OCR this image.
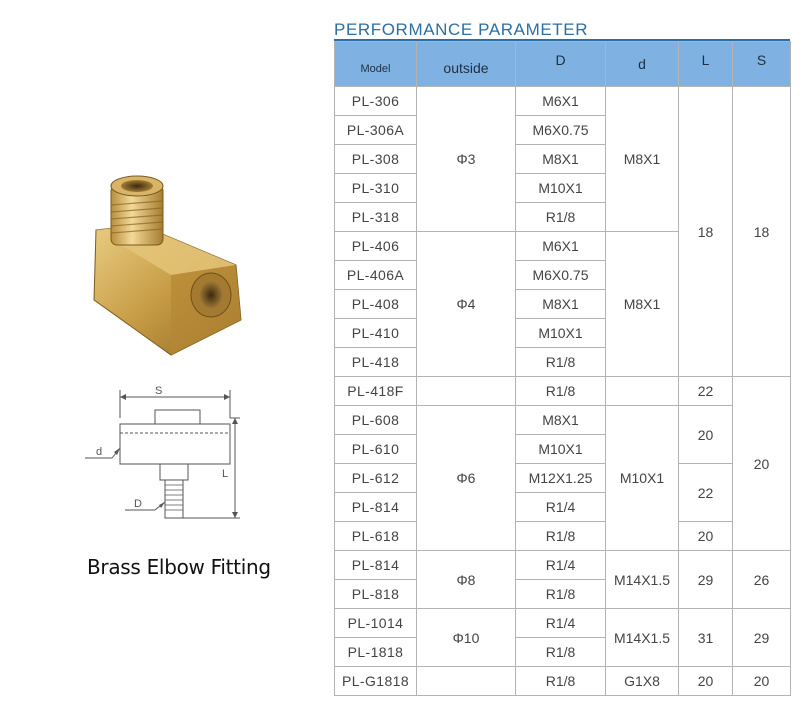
S
d
D
L
Brass Elbow Fitting
PERFORMANCE PARAMETER
Model	outside	D	d	L	S
PL-306	Φ3	M6X1	M8X1	18	18
PL-306A		M6X0.75			
PL-308		M8X1			
PL-310		M10X1			
PL-318		R1/8			
PL-406	Φ4	M6X1	M8X1		
PL-406A		M6X0.75			
PL-408		M8X1			
PL-410		M10X1			
PL-418		R1/8			
PL-418F		R1/8		22	20
PL-608	Φ6	M8X1	M10X1	20	
PL-610		M10X1			
PL-612		M12X1.25		22	
PL-814		R1/4			
PL-618		R1/8		20	
PL-814	Φ8	R1/4	M14X1.5	29	26
PL-818		R1/8			
PL-1014	Φ10	R1/4	M14X1.5	31	29
PL-1818		R1/8			
PL-G1818		R1/8	G1X8	20	20
